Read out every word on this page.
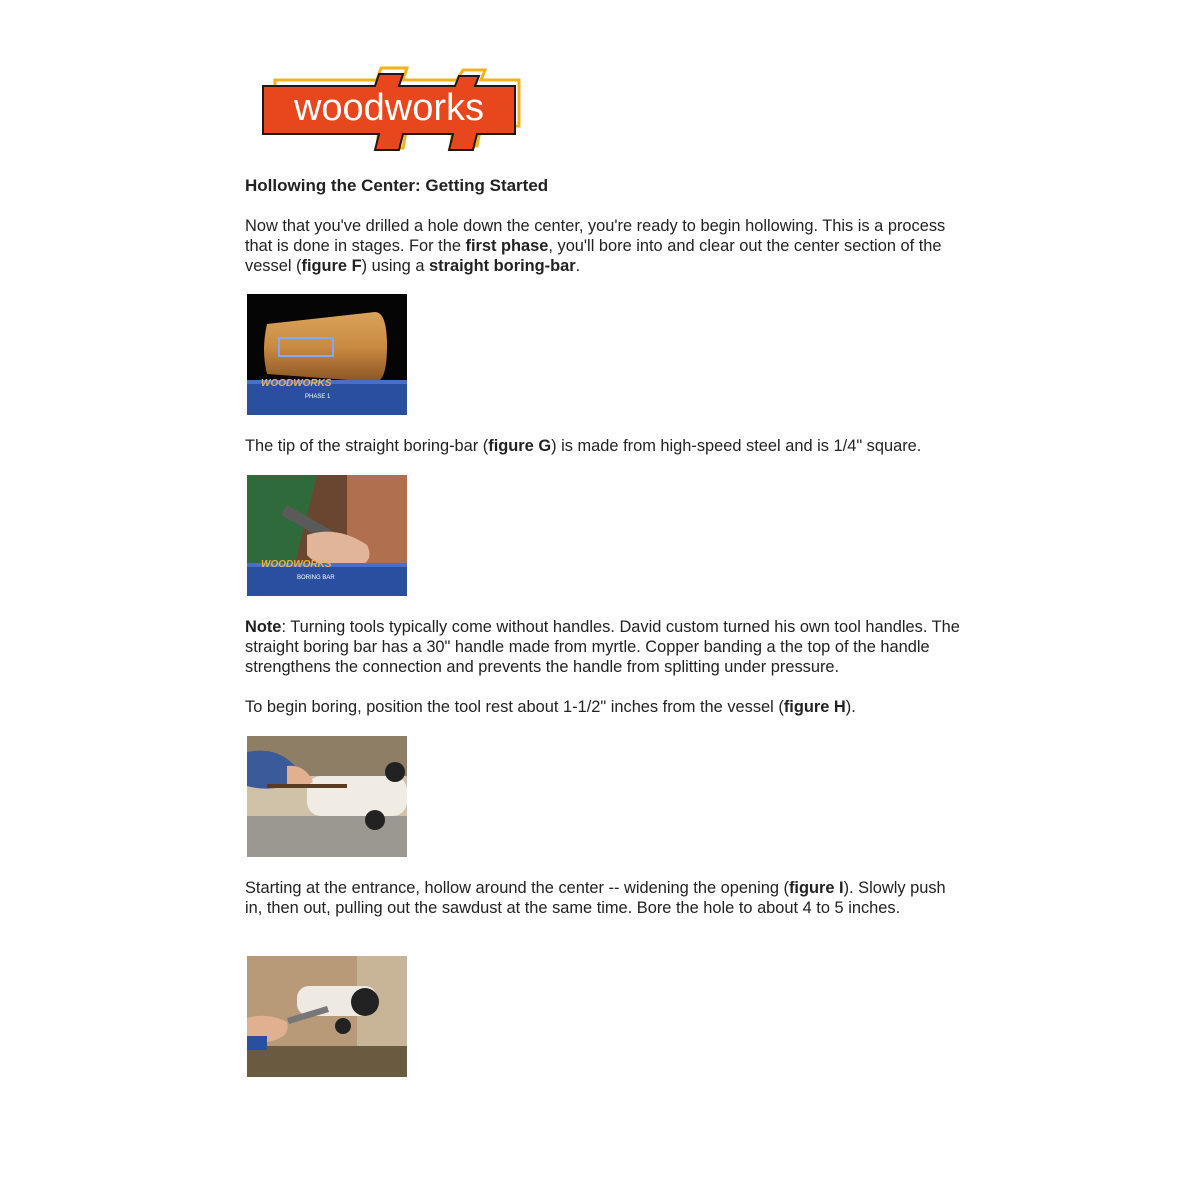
woodworks
Hollowing the Center: Getting Started

Now that you've drilled a hole down the center, you're ready to begin hollowing. This is a process that is done in stages. For the first phase, you'll bore into and clear out the center section of the vessel (figure F) using a straight boring-bar.

WOODWORKS
PHASE 1

The tip of the straight boring-bar (figure G) is made from high-speed steel and is 1/4" square.

WOODWORKS
BORING BAR

Note: Turning tools typically come without handles. David custom turned his own tool handles. The straight boring bar has a 30" handle made from myrtle. Copper banding a the top of the handle strengthens the connection and prevents the handle from splitting under pressure.

To begin boring, position the tool rest about 1-1/2" inches from the vessel (figure H).

Starting at the entrance, hollow around the center -- widening the opening (figure I). Slowly push in, then out, pulling out the sawdust at the same time. Bore the hole to about 4 to 5 inches.
